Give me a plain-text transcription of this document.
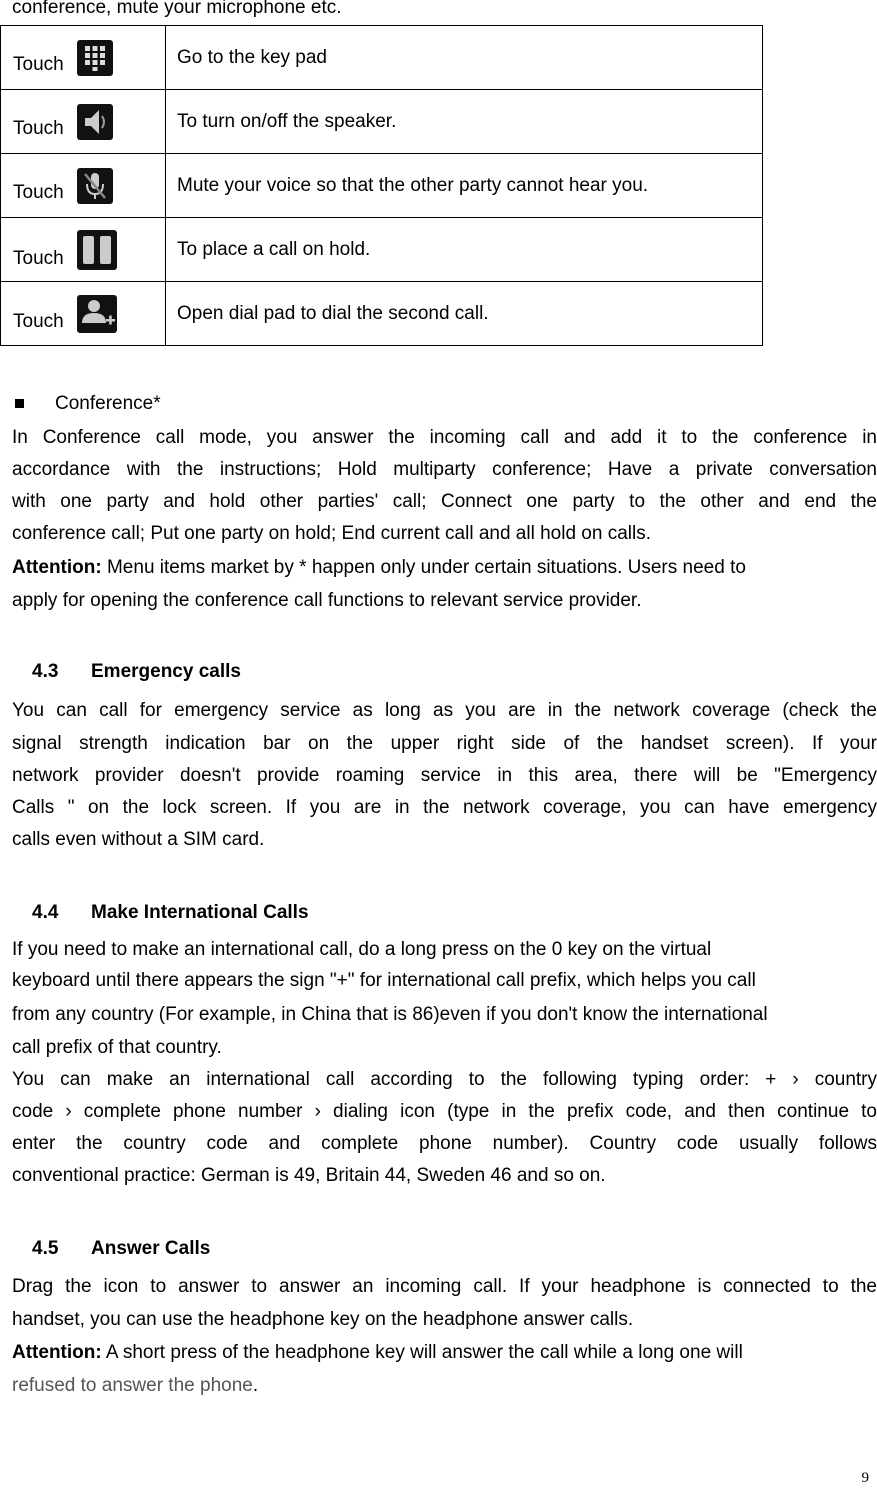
conference, mute your microphone etc.
Touch	Go to the key pad

Touch	To turn on/off the speaker.

Touch	Mute your voice so that the other party cannot hear you.

Touch	To place a call on hold.

Touch	Open dial pad to dial the second call.
Conference*
In Conference call mode, you answer the incoming call and add it to the conference in
accordance with the instructions; Hold multiparty conference; Have a private conversation
with one party and hold other parties' call; Connect one party to the other and end the
conference call; Put one party on hold; End current call and all hold on calls.
Attention: Menu items market by * happen only under certain situations. Users need to
apply for opening the conference call functions to relevant service provider.
4.3 Emergency calls
You can call for emergency service as long as you are in the network coverage (check the
signal strength indication bar on the upper right side of the handset screen). If your
network provider doesn't provide roaming service in this area, there will be "Emergency
Calls " on the lock screen. If you are in the network coverage, you can have emergency
calls even without a SIM card.
4.4 Make International Calls
If you need to make an international call, do a long press on the 0 key on the virtual
keyboard until there appears the sign "+" for international call prefix, which helps you call
from any country (For example, in China that is 86)even if you don't know the international
call prefix of that country.
You can make an international call according to the following typing order: + › country
code › complete phone number › dialing icon (type in the prefix code, and then continue to
enter the country code and complete phone number). Country code usually follows
conventional practice: German is 49, Britain 44, Sweden 46 and so on.
4.5 Answer Calls
Drag the icon to answer to answer an incoming call. If your headphone is connected to the
handset, you can use the headphone key on the headphone answer calls.
Attention: A short press of the headphone key will answer the call while a long one will
refused to answer the phone.
9
